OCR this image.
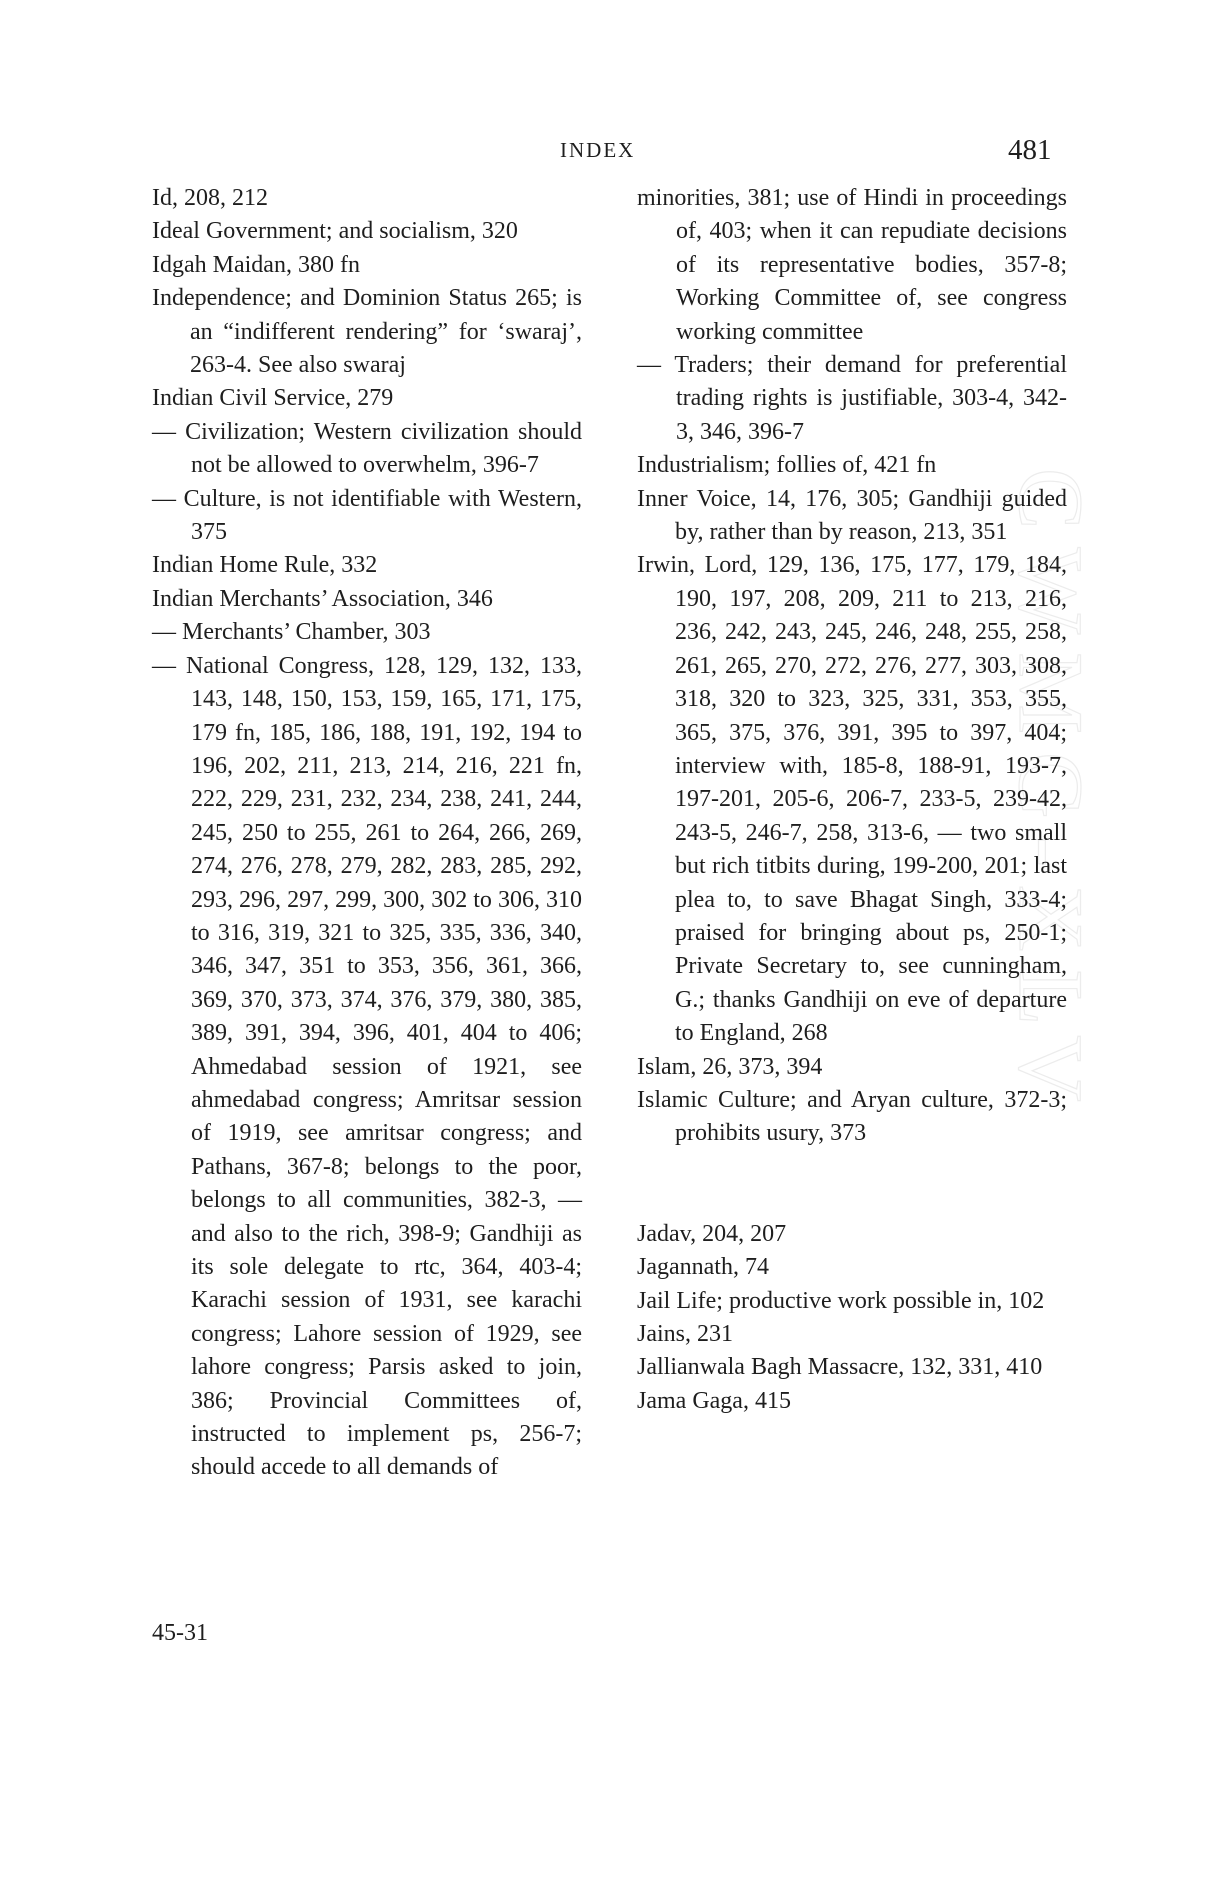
INDEX	481
CWMG-XLV

Id, 208, 212

Ideal Government; and socialism, 320

Idgah Maidan, 380 fn

Independence; and Dominion Status 265; is an “indifferent rendering” for ‘swaraj’, 263-4. See also swaraj

Indian Civil Service, 279

— Civilization; Western civilization should not be allowed to overwhelm, 396-7

— Culture, is not identifiable with Western, 375

Indian Home Rule, 332

Indian Merchants’ Association, 346

— Merchants’ Chamber, 303

— National Congress, 128, 129, 132, 133, 143, 148, 150, 153, 159, 165, 171, 175, 179 fn, 185, 186, 188, 191, 192, 194 to 196, 202, 211, 213, 214, 216, 221 fn, 222, 229, 231, 232, 234, 238, 241, 244, 245, 250 to 255, 261 to 264, 266, 269, 274, 276, 278, 279, 282, 283, 285, 292, 293, 296, 297, 299, 300, 302 to 306, 310 to 316, 319, 321 to 325, 335, 336, 340, 346, 347, 351 to 353, 356, 361, 366, 369, 370, 373, 374, 376, 379, 380, 385, 389, 391, 394, 396, 401, 404 to 406; Ahmedabad session of 1921, see ahmedabad congress; Amritsar session of 1919, see amritsar congress; and Pathans, 367-8; belongs to the poor, belongs to all communities, 382-3, — and also to the rich, 398-9; Gandhiji as its sole delegate to rtc, 364, 403-4; Karachi session of 1931, see karachi congress; Lahore session of 1929, see lahore congress; Parsis asked to join, 386; Provincial Committees of, instructed to implement ps, 256-7; should accede to all demands of

minorities, 381; use of Hindi in proceedings of, 403; when it can repudiate decisions of its representative bodies, 357-8; Working Committee of, see congress working committee

— Traders; their demand for preferential trading rights is justifiable, 303-4, 342-3, 346, 396-7

Industrialism; follies of, 421 fn

Inner Voice, 14, 176, 305; Gandhiji guided by, rather than by reason, 213, 351

Irwin, Lord, 129, 136, 175, 177, 179, 184, 190, 197, 208, 209, 211 to 213, 216, 236, 242, 243, 245, 246, 248, 255, 258, 261, 265, 270, 272, 276, 277, 303, 308, 318, 320 to 323, 325, 331, 353, 355, 365, 375, 376, 391, 395 to 397, 404; interview with, 185-8, 188-91, 193-7, 197-201, 205-6, 206-7, 233-5, 239-42, 243-5, 246-7, 258, 313-6, — two small but rich titbits during, 199-200, 201; last plea to, to save Bhagat Singh, 333-4; praised for bringing about ps, 250-1; Private Secretary to, see cunningham, G.; thanks Gandhiji on eve of departure to England, 268

Islam, 26, 373, 394

Islamic Culture; and Aryan culture, 372-3; prohibits usury, 373

Jadav, 204, 207

Jagannath, 74

Jail Life; productive work possible in, 102

Jains, 231

Jallianwala Bagh Massacre, 132, 331, 410

Jama Gaga, 415

45-31
